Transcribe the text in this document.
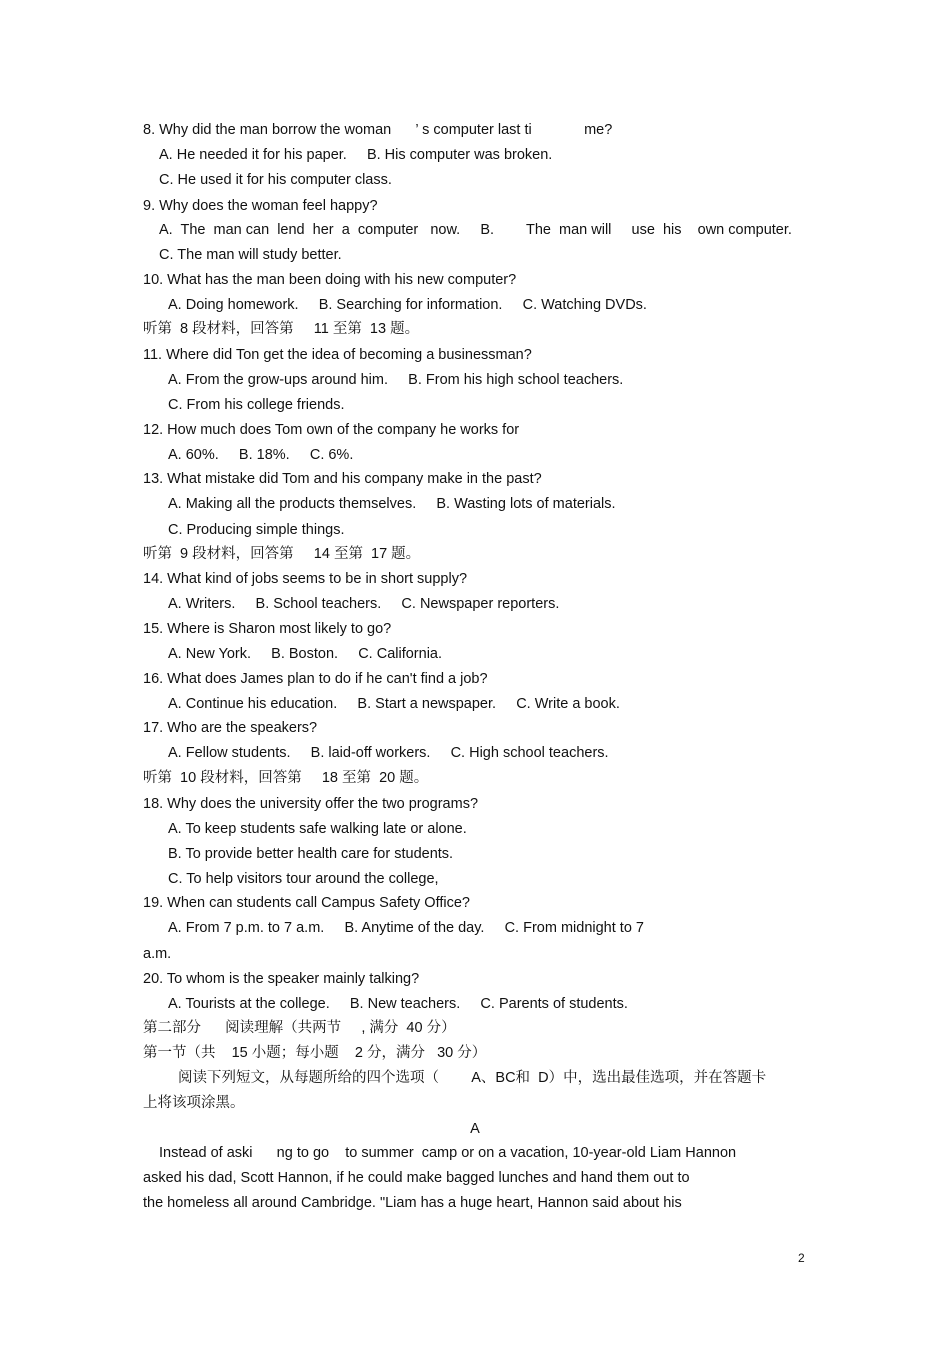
8. Why did the man borrow the woman      ’ s computer last ti             me?
A. He needed it for his paper.     B. His computer was broken.
C. He used it for his computer class.
9. Why does the woman feel happy?
A.  The  man can  lend  her  a  computer   now.     B.        The  man will     use  his    own computer.
C. The man will study better.
10. What has the man been doing with his new computer?
A. Doing homework.     B. Searching for information.     C. Watching DVDs.
听第  8 段材料，回答第     11 至第  13 题。
11. Where did Ton get the idea of becoming a businessman?
A. From the grow-ups around him.     B. From his high school teachers.
C. From his college friends.
12. How much does Tom own of the company he works for
A. 60%.     B. 18%.     C. 6%.
13. What mistake did Tom and his company make in the past?
A. Making all the products themselves.     B. Wasting lots of materials.
C. Producing simple things.
听第  9 段材料，回答第     14 至第  17 题。
14. What kind of jobs seems to be in short supply?
A. Writers.     B. School teachers.     C. Newspaper reporters.
15. Where is Sharon most likely to go?
A. New York.     B. Boston.     C. California.
16. What does James plan to do if he can't find a job?
A. Continue his education.     B. Start a newspaper.     C. Write a book.
17. Who are the speakers?
A. Fellow students.     B. laid-off workers.     C. High school teachers.
听第  10 段材料，回答第     18 至第  20 题。
18. Why does the university offer the two programs?
A. To keep students safe walking late or alone.
B. To provide better health care for students.
C. To help visitors tour around the college,
19. When can students call Campus Safety Office?
A. From 7 p.m. to 7 a.m.     B. Anytime of the day.     C. From midnight to 7
a.m.
20. To whom is the speaker mainly talking?
A. Tourists at the college.     B. New teachers.     C. Parents of students.
第二部分      阅读理解（共两节     , 满分  40 分）
第一节（共    15 小题；每小题    2 分，满分   30 分）
阅读下列短文，从每题所给的四个选项（        A、BC和  D）中，选出最佳选项，并在答题卡
上将该项涂黑。
A
Instead of aski      ng to go    to summer  camp or on a vacation, 10-year-old Liam Hannon
asked his dad, Scott Hannon, if he could make bagged lunches and hand them out to
the homeless all around Cambridge. "Liam has a huge heart, Hannon said about his
2
